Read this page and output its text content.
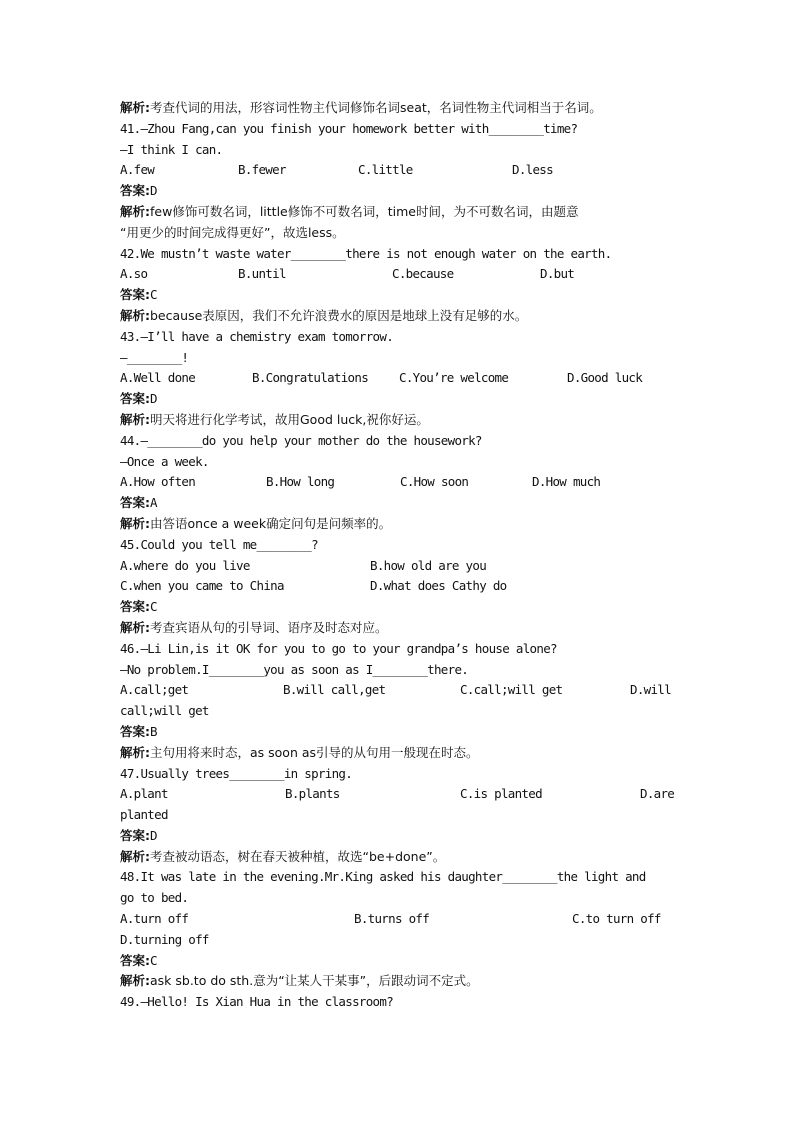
解析:考查代词的用法，形容词性物主代词修饰名词seat，名词性物主代词相当于名词。
41.—Zhou Fang,can you finish your homework better with________time?
—I think I can.
A.few	B.fewer	C.little	D.less
答案:D
解析:few修饰可数名词，little修饰不可数名词，time时间，为不可数名词，由题意
“用更少的时间完成得更好”，故选less。
42.We mustn’t waste water________there is not enough water on the earth.
A.so	B.until	C.because	D.but
答案:C
解析:because表原因，我们不允许浪费水的原因是地球上没有足够的水。
43.—I’ll have a chemistry exam tomorrow.
—________!
A.Well done	B.Congratulations	C.You’re welcome	D.Good luck
答案:D
解析:明天将进行化学考试，故用Good luck,祝你好运。
44.—________do you help your mother do the housework?
—Once a week.
A.How often	B.How long	C.How soon	D.How much
答案:A
解析:由答语once a week确定问句是问频率的。
45.Could you tell me________?
A.where do you live	B.how old are you
C.when you came to China	D.what does Cathy do
答案:C
解析:考查宾语从句的引导词、语序及时态对应。
46.—Li Lin,is it OK for you to go to your grandpa’s house alone?
—No problem.I________you as soon as I________there.
A.call;get	B.will call,get	C.call;will get	D.will
call;will get
答案:B
解析:主句用将来时态，as soon as引导的从句用一般现在时态。
47.Usually trees________in spring.
A.plant	B.plants	C.is planted	D.are
planted
答案:D
解析:考查被动语态，树在春天被种植，故选“be+done”。
48.It was late in the evening.Mr.King asked his daughter________the light and
go to bed.
A.turn off	B.turns off	C.to turn off
D.turning off
答案:C
解析:ask sb.to do sth.意为“让某人干某事”，后跟动词不定式。
49.—Hello! Is Xian Hua in the classroom?
